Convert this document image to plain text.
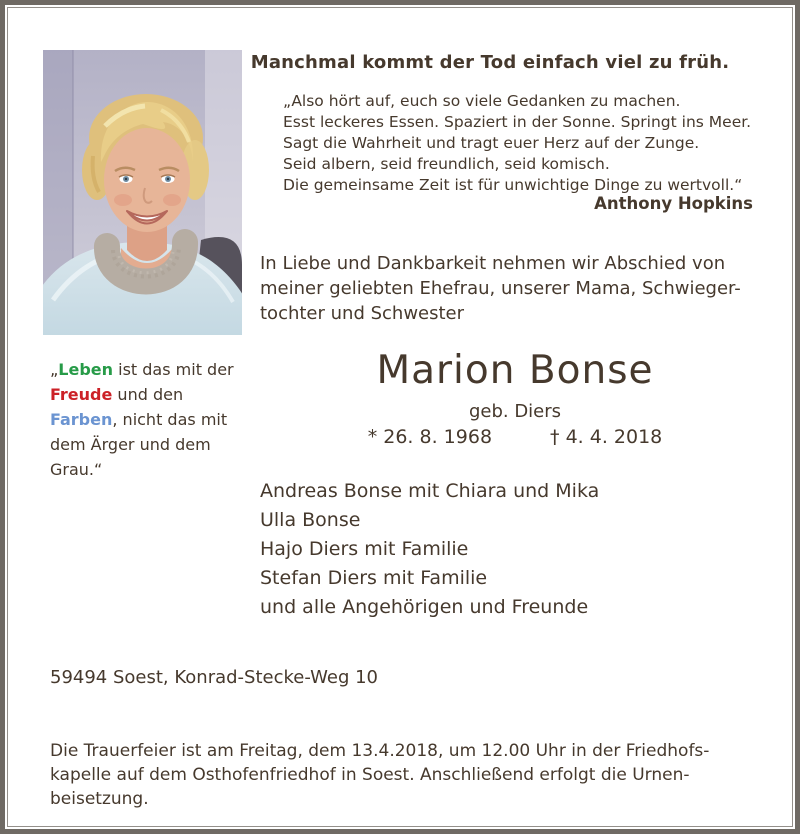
Manchmal kommt der Tod einfach viel zu früh.
„Also hört auf, euch so viele Gedanken zu machen.
Esst leckeres Essen. Spaziert in der Sonne. Springt ins Meer.
Sagt die Wahrheit und tragt euer Herz auf der Zunge.
Seid albern, seid freundlich, seid komisch.
Die gemeinsame Zeit ist für unwichtige Dinge zu wertvoll.“
Anthony Hopkins
In Liebe und Dankbarkeit nehmen wir Abschied von
meiner geliebten Ehefrau, unserer Mama, Schwieger-
tochter und Schwester
Marion Bonse
geb. Diers
* 26. 8. 1968	† 4. 4. 2018
„Leben ist das mit der
Freude und den
Farben, nicht das mit
dem Ärger und dem
Grau.“
Andreas Bonse mit Chiara und Mika
Ulla Bonse
Hajo Diers mit Familie
Stefan Diers mit Familie
und alle Angehörigen und Freunde
59494 Soest, Konrad-Stecke-Weg 10
Die Trauerfeier ist am Freitag, dem 13.4.2018, um 12.00 Uhr in der Friedhofs-
kapelle auf dem Osthofenfriedhof in Soest. Anschließend erfolgt die Urnen-
beisetzung.
